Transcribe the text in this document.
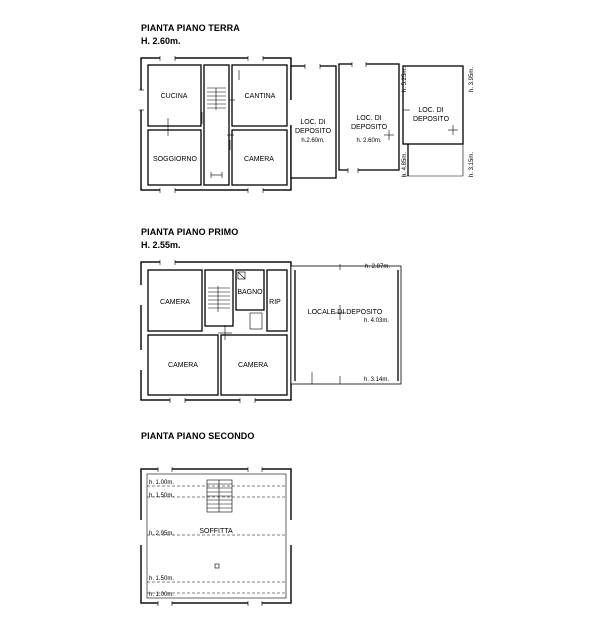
PIANTA PIANO TERRA
H. 2.60m.
PIANTA PIANO PRIMO
H. 2.55m.
PIANTA PIANO SECONDO
CUCINA
SOGGIORNO
CANTINA
CAMERA
LOC. DI
DEPOSITO
h.2.60m.
LOC. DI
DEPOSITO
h. 2.60m.
LOC. DI
DEPOSITO
h. 5.25m.
h. 4.85m.
h. 3.95m.
h. 3.15m.
CAMERA
BAGNO
RIP
CAMERA	CAMERA
LOCALE DI DEPOSITO
h. 2.87m.
h. 4.03m.
h. 3.14m.
SOFFITTA
h. 1.00m.
h. 1.50m.
h. 2.95m.
h. 1.50m.
h. 1.00m.
